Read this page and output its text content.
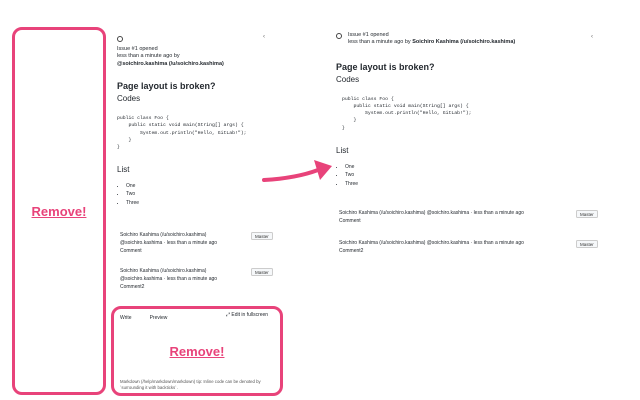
Remove!
Issue #1 opened
less than a minute ago by
@soichiro.kashima (/u/soichiro.kashima)
Page layout is broken?
Codes
public class Foo {
public static void main(String[] args) {
System.out.println("Hello, GitLab!");
}
}
List
• One
• Two
• Three
‹
Soichiro Kashima (/u/soichiro.kashima)
@soichiro.kashima · less than a minute ago
Comment
Master
Soichiro Kashima (/u/soichiro.kashima)
@soichiro.kashima · less than a minute ago
Comment2
Master
Write	Preview
Remove!
⤢ Edit in fullscreen
Markdown (/help/markdown/markdown) tip: Inline code can be denoted by `surrounding it with backticks`.
Issue #1 opened
less than a minute ago by Soichiro Kashima (/u/soichiro.kashima)
Page layout is broken?
Codes
public class Foo {
public static void main(String[] args) {
System.out.println("Hello, GitLab!");
}
}
List
• One
• Two
• Three
‹
Soichiro Kashima (/u/soichiro.kashima) @soichiro.kashima · less than a minute ago
Comment
Master
Soichiro Kashima (/u/soichiro.kashima) @soichiro.kashima · less than a minute ago
Comment2
Master
